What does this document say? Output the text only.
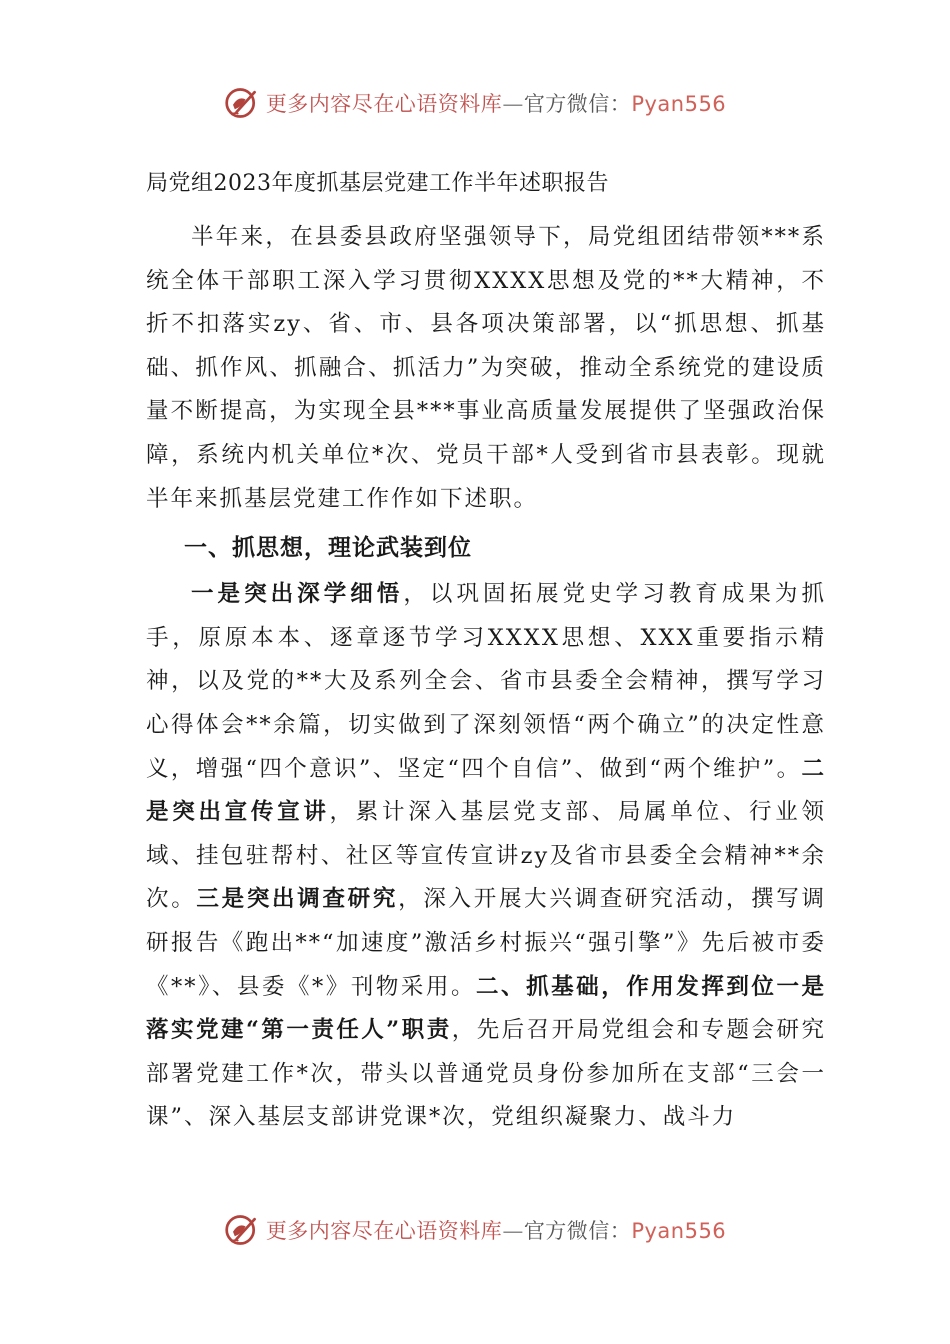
更多内容尽在心语资料库—官方微信：Pyan556
局党组2023年度抓基层党建工作半年述职报告

半年来，在县委县政府坚强领导下，局党组团结带领***系统全体干部职工深入学习贯彻XXXX思想及党的**大精神，不折不扣落实zy、省、市、县各项决策部署，以“抓思想、抓基础、抓作风、抓融合、抓活力”为突破，推动全系统党的建设质量不断提高，为实现全县***事业高质量发展提供了坚强政治保障，系统内机关单位*次、党员干部*人受到省市县表彰。现就半年来抓基层党建工作作如下述职。

一、抓思想，理论武装到位

一是突出深学细悟，以巩固拓展党史学习教育成果为抓手，原原本本、逐章逐节学习XXXX思想、XXX重要指示精神，以及党的**大及系列全会、省市县委全会精神，撰写学习心得体会**余篇，切实做到了深刻领悟“两个确立”的决定性意义，增强“四个意识”、坚定“四个自信”、做到“两个维护”。二是突出宣传宣讲，累计深入基层党支部、局属单位、行业领域、挂包驻帮村、社区等宣传宣讲zy及省市县委全会精神**余次。三是突出调查研究，深入开展大兴调查研究活动，撰写调研报告《跑出**“加速度”激活乡村振兴“强引擎”》先后被市委《**》、县委《*》刊物采用。二、抓基础，作用发挥到位一是落实党建“第一责任人”职责，先后召开局党组会和专题会研究部署党建工作*次，带头以普通党员身份参加所在支部“三会一课”、深入基层支部讲党课*次，党组织凝聚力、战斗力

更多内容尽在心语资料库—官方微信：Pyan556
